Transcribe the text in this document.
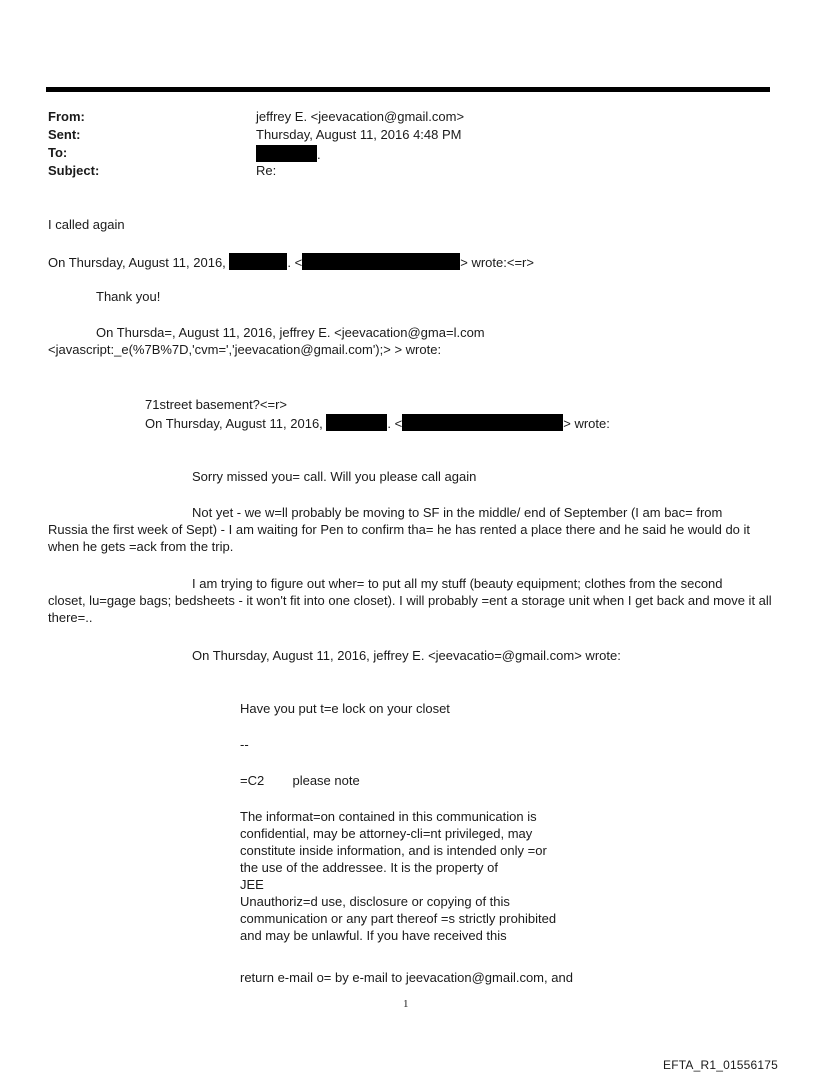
From:	jeffrey E. <jeevacation@gmail.com>
Sent:	Thursday, August 11, 2016 4:48 PM
To:	.
Subject:	Re:
I called again
On Thursday, August 11, 2016,	. <	> wrote:<=r>
Thank you!
On Thursda=, August 11, 2016, jeffrey E. <jeevacation@gma=l.com
<javascript:_e(%7B%7D,'cvm=','jeevacation@gmail.com');> > wrote:
71street basement?<=r>
On Thursday, August 11, 2016,	. <	> wrote:
Sorry missed you= call. Will you please call again
Not yet - we w=ll probably be moving to SF in the middle/ end of September (I am bac= from
Russia the first week of Sept) - I am waiting for Pen to confirm tha= he has rented a place there and he said he would do it when he gets =ack from the trip.
I am trying to figure out wher= to put all my stuff (beauty equipment; clothes from the second
closet, lu=gage bags; bedsheets - it won't fit into one closet). I will probably =ent a storage unit when I get back and move it all there=..
On Thursday, August 11, 2016, jeffrey E. <jeevacatio=@gmail.com> wrote:
Have you put t=e lock on your closet
--
=C2 please note
The informat=on contained in this communication is
confidential, may be attorney-cli=nt privileged, may
constitute inside information, and is intended only =or
the use of the addressee. It is the property of
JEE
Unauthoriz=d use, disclosure or copying of this
communication or any part thereof =s strictly prohibited
and may be unlawful. If you have received this
return e-mail o= by e-mail to jeevacation@gmail.com, and
1
EFTA_R1_01556175
